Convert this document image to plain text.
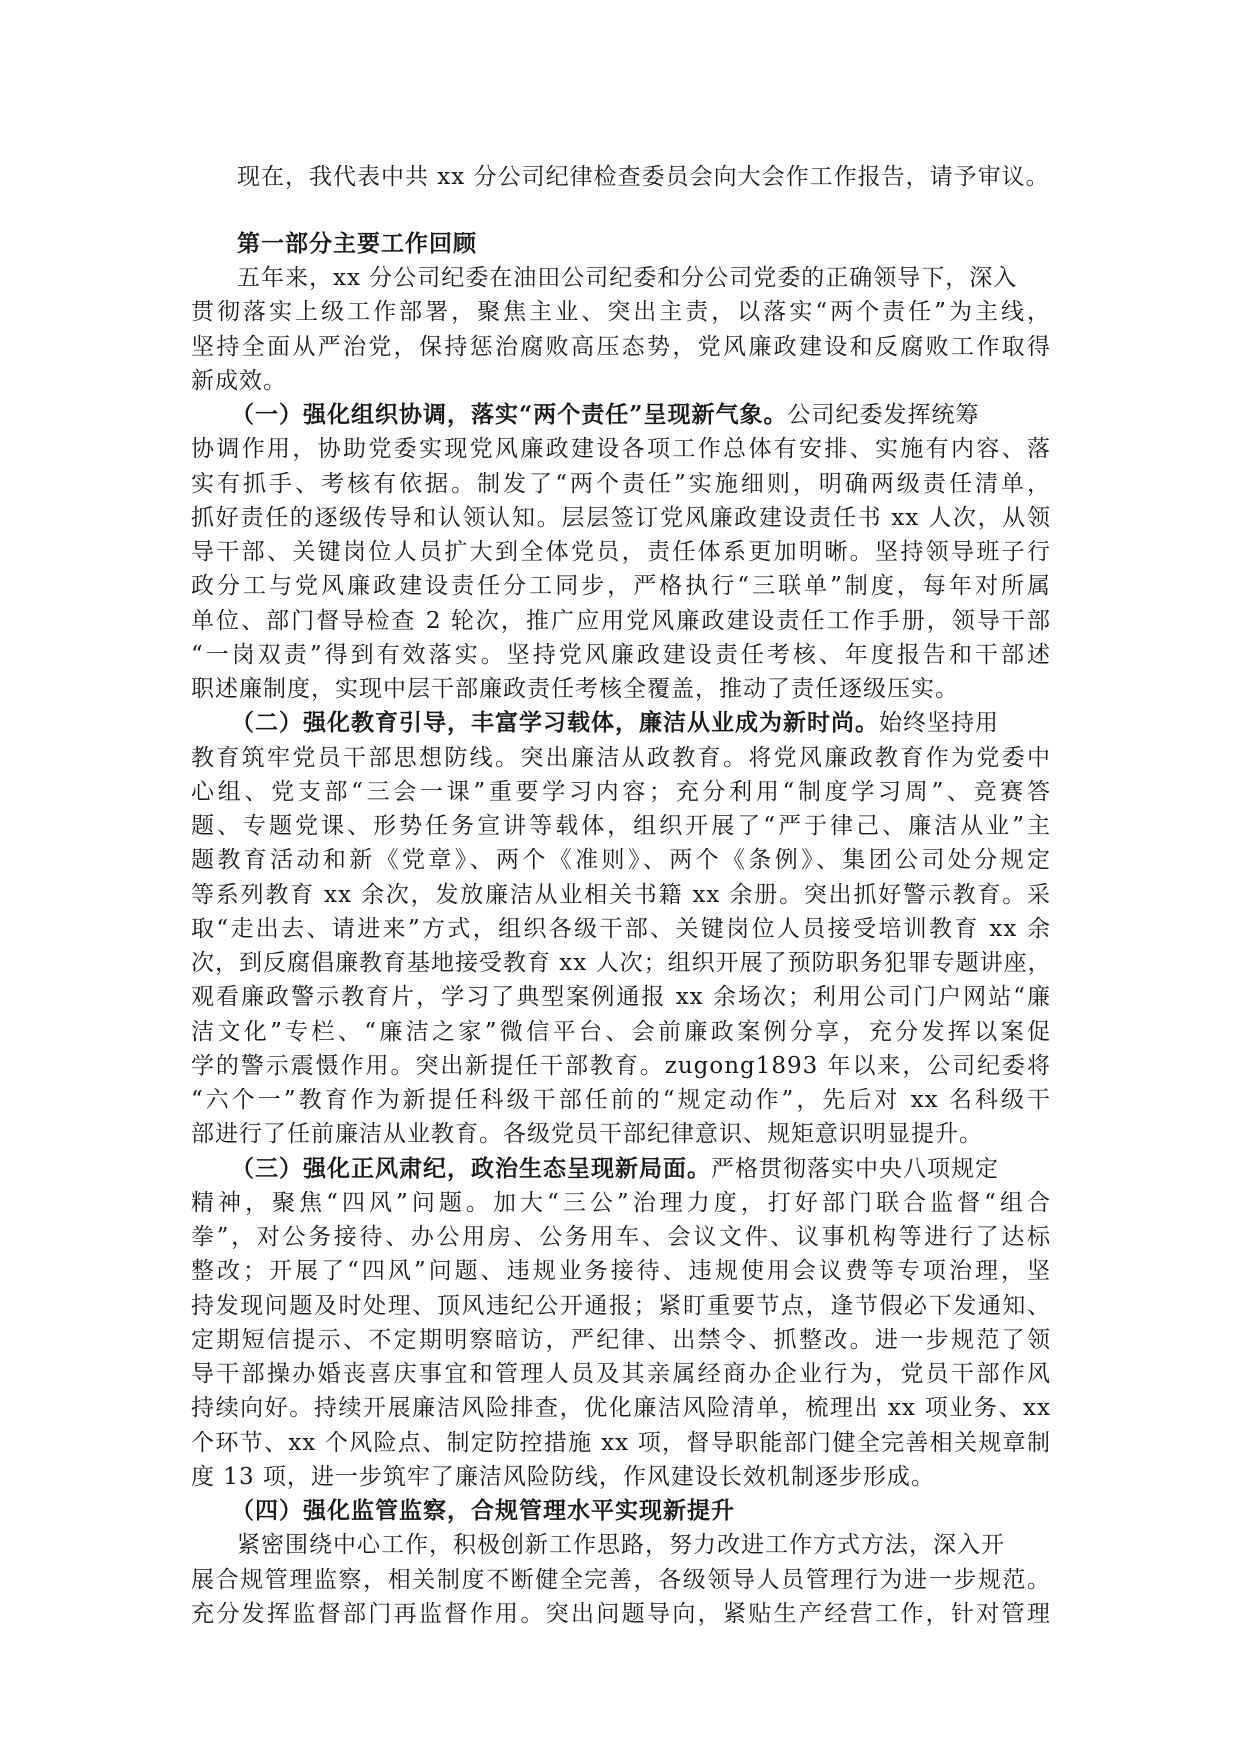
现在，我代表中共 xx 分公司纪律检查委员会向大会作工作报告，请予审议。
第一部分主要工作回顾
五年来，xx 分公司纪委在油田公司纪委和分公司党委的正确领导下，深入
贯彻落实上级工作部署，聚焦主业、突出主责，以落实“两个责任”为主线，
坚持全面从严治党，保持惩治腐败高压态势，党风廉政建设和反腐败工作取得
新成效。
（一）强化组织协调，落实“两个责任”呈现新气象。公司纪委发挥统筹
协调作用，协助党委实现党风廉政建设各项工作总体有安排、实施有内容、落
实有抓手、考核有依据。制发了“两个责任”实施细则，明确两级责任清单，
抓好责任的逐级传导和认领认知。层层签订党风廉政建设责任书 xx 人次，从领
导干部、关键岗位人员扩大到全体党员，责任体系更加明晰。坚持领导班子行
政分工与党风廉政建设责任分工同步，严格执行“三联单”制度，每年对所属
单位、部门督导检查 2 轮次，推广应用党风廉政建设责任工作手册，领导干部
“一岗双责”得到有效落实。坚持党风廉政建设责任考核、年度报告和干部述
职述廉制度，实现中层干部廉政责任考核全覆盖，推动了责任逐级压实。
（二）强化教育引导，丰富学习载体，廉洁从业成为新时尚。始终坚持用
教育筑牢党员干部思想防线。突出廉洁从政教育。将党风廉政教育作为党委中
心组、党支部“三会一课”重要学习内容；充分利用“制度学习周”、竞赛答
题、专题党课、形势任务宣讲等载体，组织开展了“严于律己、廉洁从业”主
题教育活动和新《党章》、两个《准则》、两个《条例》、集团公司处分规定
等系列教育 xx 余次，发放廉洁从业相关书籍 xx 余册。突出抓好警示教育。采
取“走出去、请进来”方式，组织各级干部、关键岗位人员接受培训教育 xx 余
次，到反腐倡廉教育基地接受教育 xx 人次；组织开展了预防职务犯罪专题讲座，
观看廉政警示教育片，学习了典型案例通报 xx 余场次；利用公司门户网站“廉
洁文化”专栏、“廉洁之家”微信平台、会前廉政案例分享，充分发挥以案促
学的警示震慑作用。突出新提任干部教育。zugong1893 年以来，公司纪委将
“六个一”教育作为新提任科级干部任前的“规定动作”，先后对 xx 名科级干
部进行了任前廉洁从业教育。各级党员干部纪律意识、规矩意识明显提升。
（三）强化正风肃纪，政治生态呈现新局面。严格贯彻落实中央八项规定
精神，聚焦“四风”问题。加大“三公”治理力度，打好部门联合监督“组合
拳”，对公务接待、办公用房、公务用车、会议文件、议事机构等进行了达标
整改；开展了“四风”问题、违规业务接待、违规使用会议费等专项治理，坚
持发现问题及时处理、顶风违纪公开通报；紧盯重要节点，逢节假必下发通知、
定期短信提示、不定期明察暗访，严纪律、出禁令、抓整改。进一步规范了领
导干部操办婚丧喜庆事宜和管理人员及其亲属经商办企业行为，党员干部作风
持续向好。持续开展廉洁风险排查，优化廉洁风险清单，梳理出 xx 项业务、xx
个环节、xx 个风险点、制定防控措施 xx 项，督导职能部门健全完善相关规章制
度 13 项，进一步筑牢了廉洁风险防线，作风建设长效机制逐步形成。
（四）强化监管监察，合规管理水平实现新提升
紧密围绕中心工作，积极创新工作思路，努力改进工作方式方法，深入开
展合规管理监察，相关制度不断健全完善，各级领导人员管理行为进一步规范。
充分发挥监督部门再监督作用。突出问题导向，紧贴生产经营工作，针对管理
